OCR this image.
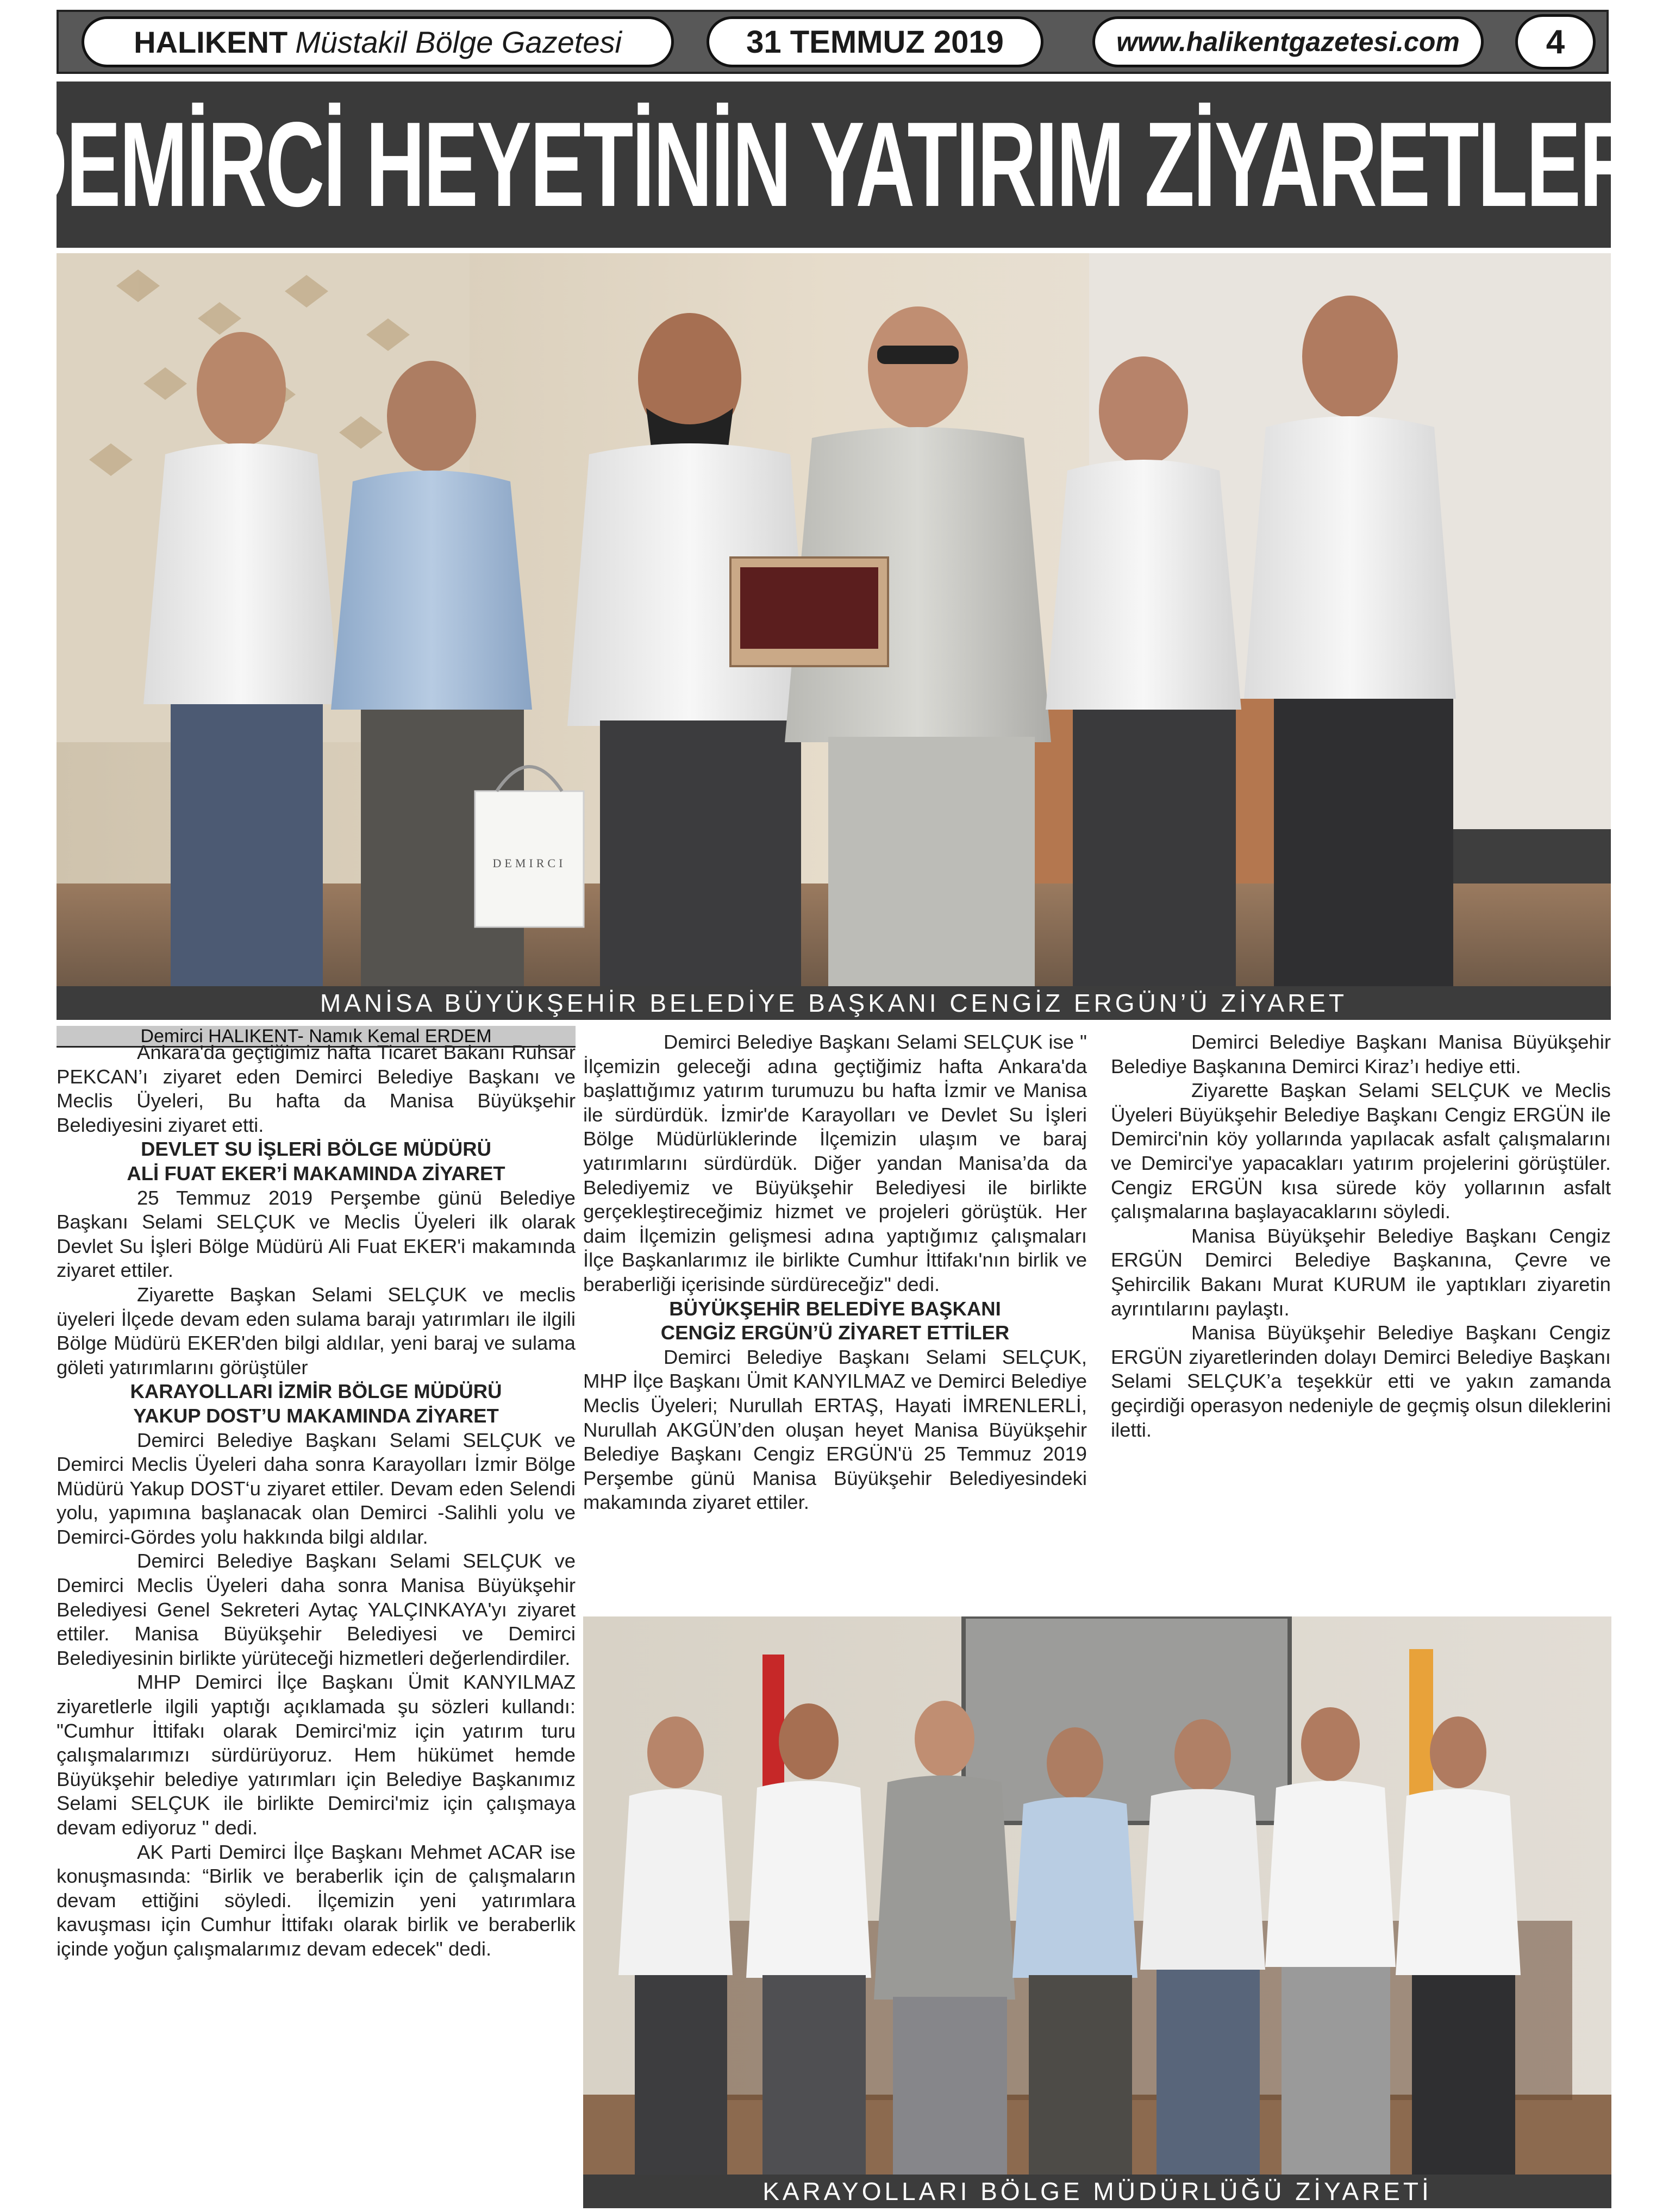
HALIKENT Müstakil Bölge Gazetesi	31 TEMMUZ 2019	www.halikentgazetesi.com	4
DEMİRCİ HEYETİNİN YATIRIM ZİYARETLERİ
DEMIRCI
MANİSA BÜYÜKŞEHİR BELEDİYE BAŞKANI CENGİZ ERGÜN’Ü ZİYARET
Demirci HALIKENT- Namık Kemal ERDEM

Ankara'da geçtiğimiz hafta Ticaret Bakanı Ruhsar PEKCAN’ı ziyaret eden Demirci Belediye Başkanı ve Meclis Üyeleri, Bu hafta da Manisa Büyükşehir Belediyesini ziyaret etti.

DEVLET SU İŞLERİ BÖLGE MÜDÜRÜ
ALİ FUAT EKER’İ MAKAMINDA ZİYARET

25 Temmuz 2019 Perşembe günü Belediye Başkanı Selami SELÇUK ve Meclis Üyeleri ilk olarak Devlet Su İşleri Bölge Müdürü Ali Fuat EKER'i makamında ziyaret ettiler.

Ziyarette Başkan Selami SELÇUK ve meclis üyeleri İlçede devam eden sulama barajı yatırımları ile ilgili Bölge Müdürü EKER'den bilgi aldılar, yeni baraj ve sulama göleti yatırımlarını görüştüler

KARAYOLLARI İZMİR BÖLGE MÜDÜRÜ
YAKUP DOST’U MAKAMINDA ZİYARET

Demirci Belediye Başkanı Selami SELÇUK ve Demirci Meclis Üyeleri daha sonra Karayolları İzmir Bölge Müdürü Yakup DOST‘u ziyaret ettiler. Devam eden Selendi yolu, yapımına başlanacak olan Demirci -Salihli yolu ve Demirci-Gördes yolu hakkında bilgi aldılar.

Demirci Belediye Başkanı Selami SELÇUK ve Demirci Meclis Üyeleri daha sonra Manisa Büyükşehir Belediyesi Genel Sekreteri Aytaç YALÇINKAYA'yı ziyaret ettiler. Manisa Büyükşehir Belediyesi ve Demirci Belediyesinin birlikte yürüteceği hizmetleri değerlendirdiler.

MHP Demirci İlçe Başkanı Ümit KANYILMAZ ziyaretlerle ilgili yaptığı açıklamada şu sözleri kullandı: "Cumhur İttifakı olarak Demirci'miz için yatırım turu çalışmalarımızı sürdürüyoruz. Hem hükümet hemde Büyükşehir belediye yatırımları için Belediye Başkanımız Selami SELÇUK ile birlikte Demirci'miz için çalışmaya devam ediyoruz " dedi.

AK Parti Demirci İlçe Başkanı Mehmet ACAR ise konuşmasında: “Birlik ve beraberlik için de çalışmaların devam ettiğini söyledi. İlçemizin yeni yatırımlara kavuşması için Cumhur İttifakı olarak birlik ve beraberlik içinde yoğun çalışmalarımız devam edecek" dedi.

Demirci Belediye Başkanı Selami SELÇUK ise " İlçemizin geleceği adına geçtiğimiz hafta Ankara'da başlattığımız yatırım turumuzu bu hafta İzmir ve Manisa ile sürdürdük. İzmir'de Karayolları ve Devlet Su İşleri Bölge Müdürlüklerinde İlçemizin ulaşım ve baraj yatırımlarını sürdürdük. Diğer yandan Manisa’da da Belediyemiz ve Büyükşehir Belediyesi ile birlikte gerçekleştireceğimiz hizmet ve projeleri görüştük. Her daim İlçemizin gelişmesi adına yaptığımız çalışmaları İlçe Başkanlarımız ile birlikte Cumhur İttifakı'nın birlik ve beraberliği içerisinde sürdüreceğiz" dedi.

BÜYÜKŞEHİR BELEDİYE BAŞKANI
CENGİZ ERGÜN’Ü ZİYARET ETTİLER

Demirci Belediye Başkanı Selami SELÇUK, MHP İlçe Başkanı Ümit KANYILMAZ ve Demirci Belediye Meclis Üyeleri; Nurullah ERTAŞ, Hayati İMRENLERLİ, Nurullah AKGÜN’den oluşan heyet Manisa Büyükşehir Belediye Başkanı Cengiz ERGÜN'ü 25 Temmuz 2019 Perşembe günü Manisa Büyükşehir Belediyesindeki makamında ziyaret ettiler.

Demirci Belediye Başkanı Manisa Büyükşehir Belediye Başkanına Demirci Kiraz’ı hediye etti.

Ziyarette Başkan Selami SELÇUK ve Meclis Üyeleri Büyükşehir Belediye Başkanı Cengiz ERGÜN ile Demirci'nin köy yollarında yapılacak asfalt çalışmalarını ve Demirci'ye yapacakları yatırım projelerini görüştüler. Cengiz ERGÜN kısa sürede köy yollarının asfalt çalışmalarına başlayacaklarını söyledi.

Manisa Büyükşehir Belediye Başkanı Cengiz ERGÜN Demirci Belediye Başkanına, Çevre ve Şehircilik Bakanı Murat KURUM ile yaptıkları ziyaretin ayrıntılarını paylaştı.

Manisa Büyükşehir Belediye Başkanı Cengiz ERGÜN ziyaretlerinden dolayı Demirci Belediye Başkanı Selami SELÇUK’a teşekkür etti ve yakın zamanda geçirdiği operasyon nedeniyle de geçmiş olsun dileklerini iletti.

KARAYOLLARI BÖLGE MÜDÜRLÜĞÜ ZİYARETİ
